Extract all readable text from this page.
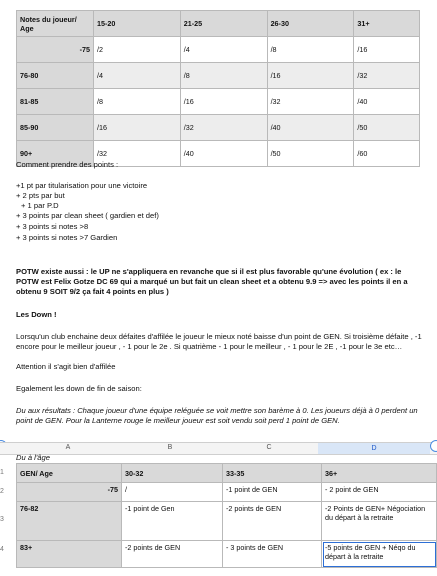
Notes du joueur/ Age	15-20	21-25	26-30	31+
-75	/2	/4	/8	/16
76-80	/4	/8	/16	/32
81-85	/8	/16	/32	/40
85-90	/16	/32	/40	/50
90+	/32	/40	/50	/60
Comment prendre des points :
+1 pt par titularisation pour une victoire
+ 2 pts par but
+ 1 par P.D
+ 3 points par clean sheet ( gardien et def)
+ 3 points si notes >8
+ 3 points si notes >7 Gardien
POTW existe aussi : le UP ne s'appliquera en revanche que si il est plus favorable qu'une évolution ( ex : le POTW est Felix Gotze DC 69 qui a marqué un but fait un clean sheet et a obtenu 9.9 => avec les points il en a obtenu 9 SOIT 9/2 ça fait 4 points en plus )
Les Down !
Lorsqu'un club enchaine deux défaites d'affilée le joueur le mieux noté baisse d'un point de GEN. Si troisième défaite , -1 encore pour le meilleur joueur , - 1 pour le 2e . Si quatrième - 1 pour le meilleur , - 1 pour le 2E , -1 pour le 3e etc…
Attention il s'agit bien d'affilée
Egalement les down de fin de saison:
Du aux résultats : Chaque joueur d'une équipe reléguée se voit mettre son barème à 0. Les joueurs déjà à 0 perdent un point de GEN. Pour la Lanterne rouge le meilleur joueur est soit vendu soit perd 1 point de GEN.
A	B	C	D
Du à l'âge
1
2
3
4
GEN/ Age	30-32	33-35	36+
-75	/	-1 point de GEN	- 2 point de GEN
76-82	-1 point de Gen	-2 points de GEN	-2 Points de GEN+ Négociation du départ à la retraite
83+	-2 points de GEN	- 3 points de GEN	-5 points de GEN + Néqo du départ à la retraite
